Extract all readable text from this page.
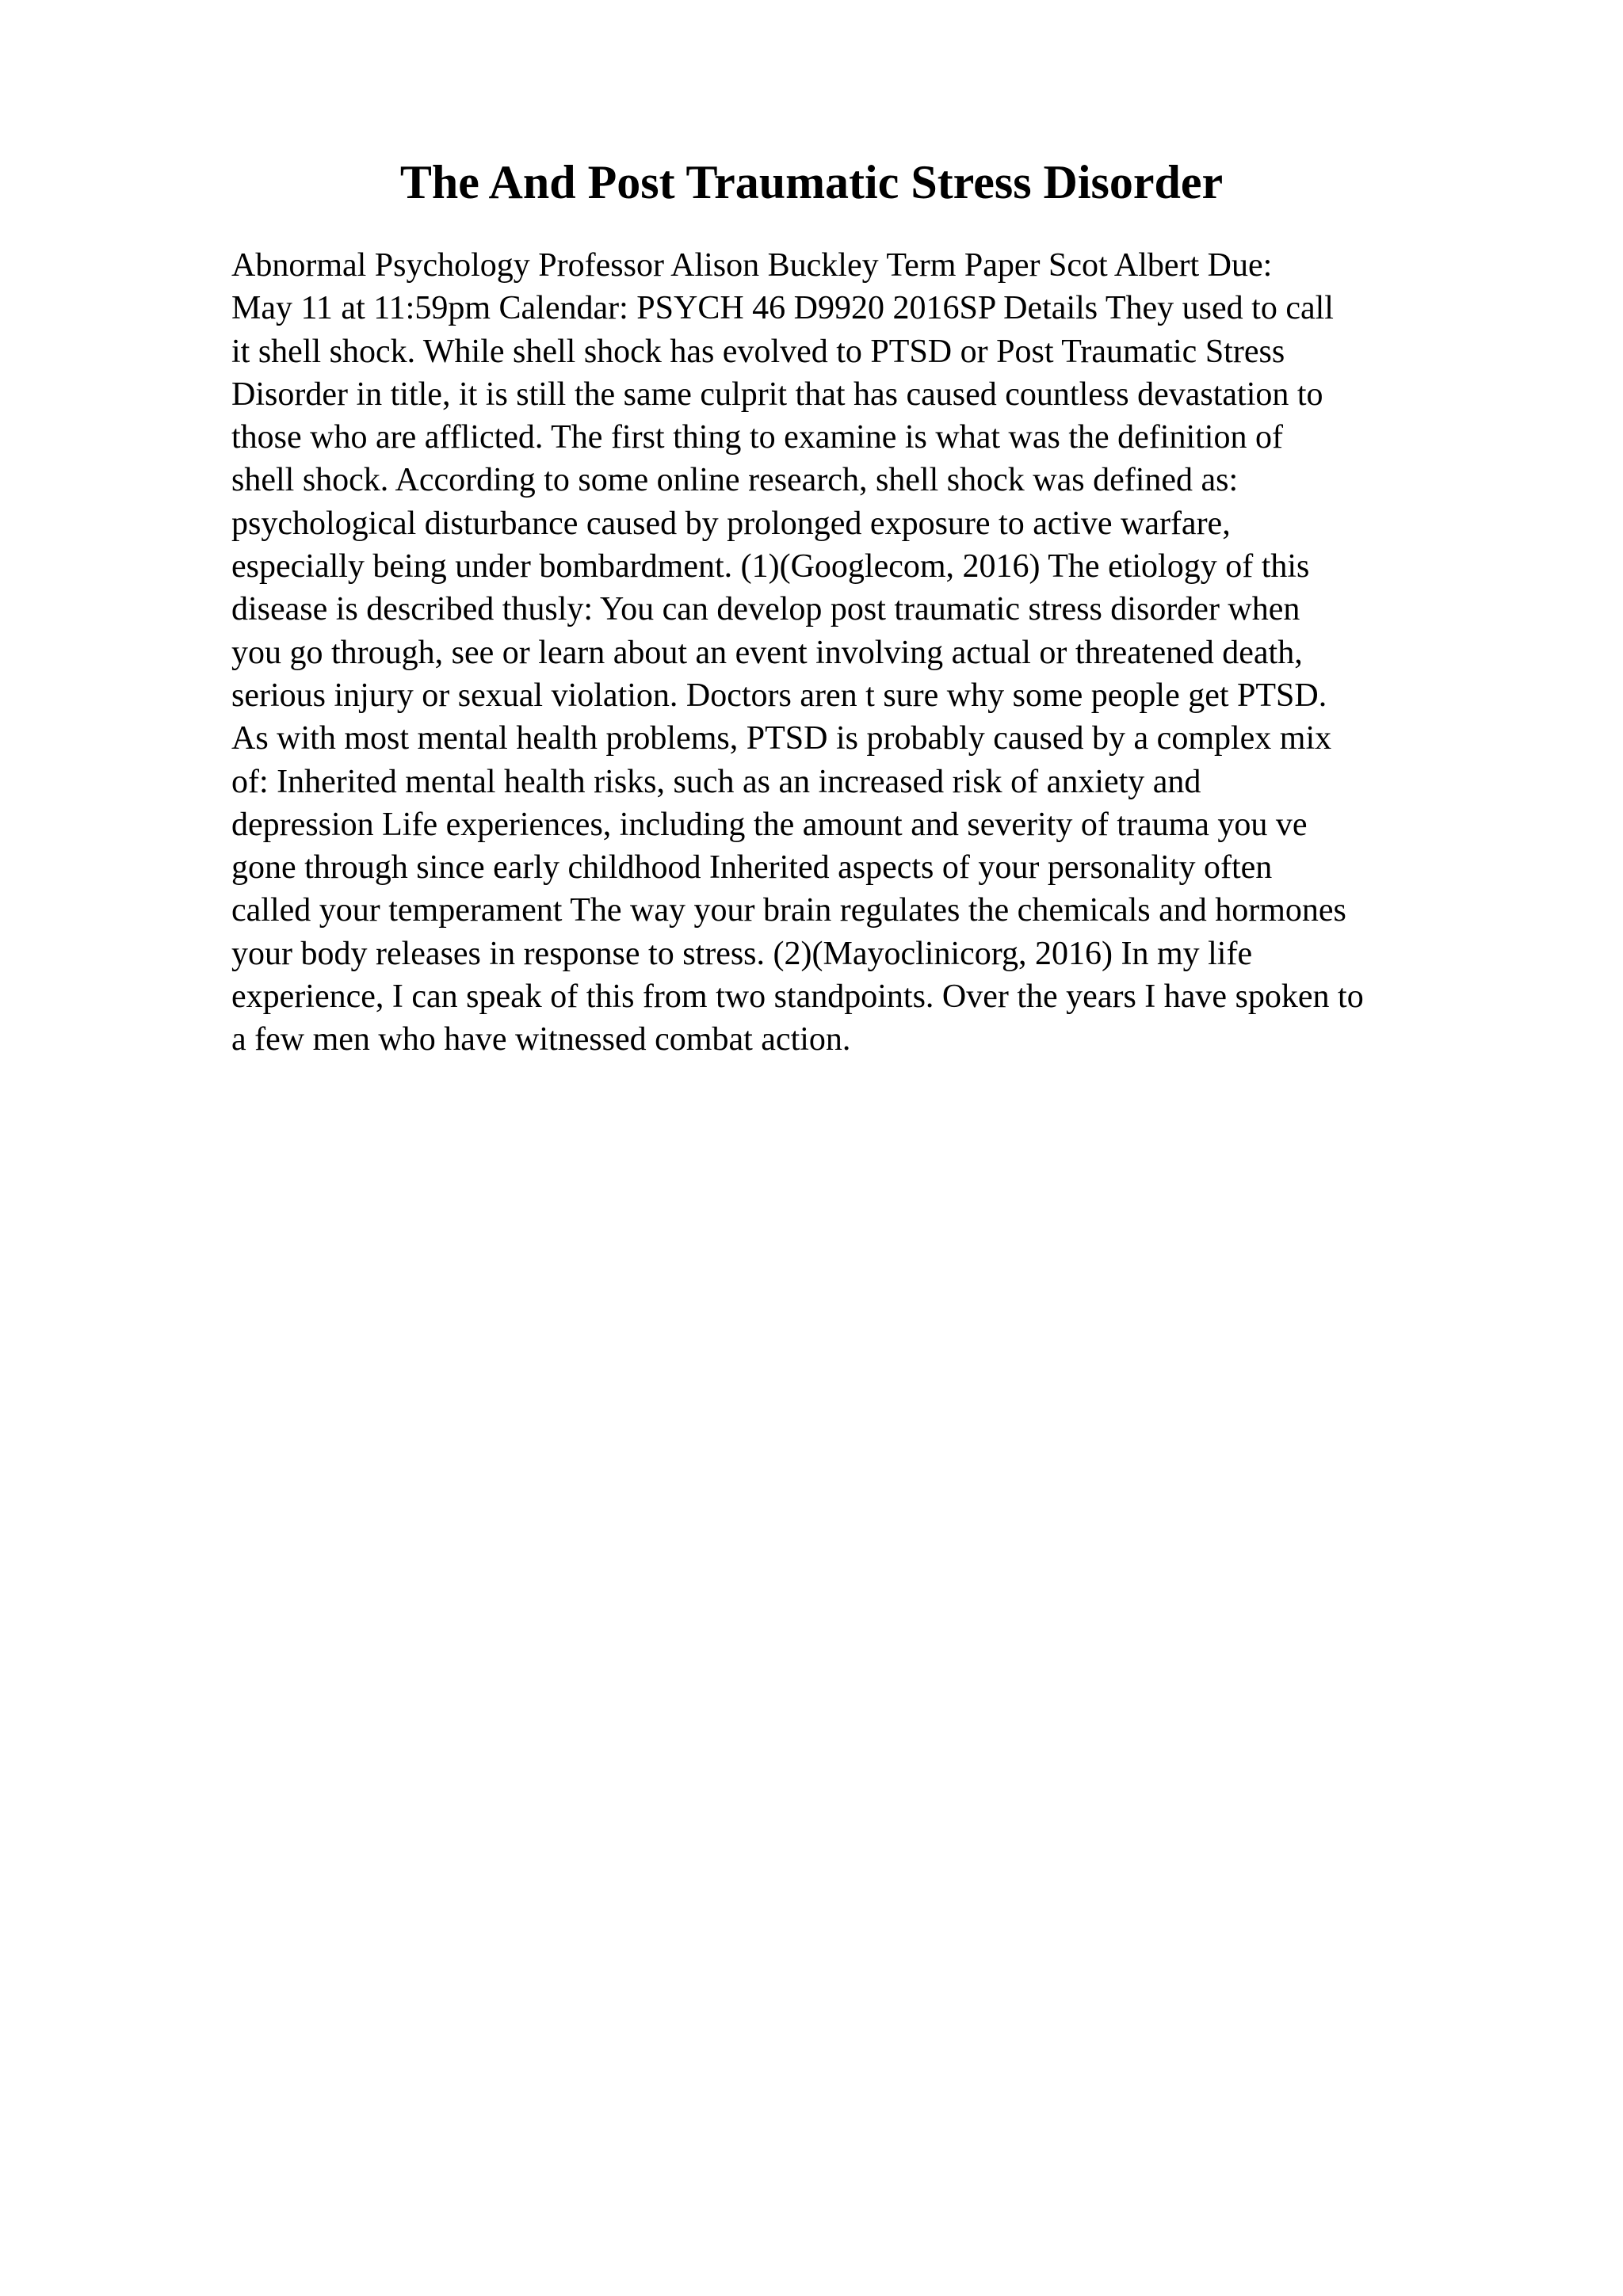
The And Post Traumatic Stress Disorder
Abnormal Psychology Professor Alison Buckley Term Paper Scot Albert Due:
May 11 at 11:59pm Calendar: PSYCH 46 D9920 2016SP Details They used to call
it shell shock. While shell shock has evolved to PTSD or Post Traumatic Stress
Disorder in title, it is still the same culprit that has caused countless devastation to
those who are afflicted. The first thing to examine is what was the definition of
shell shock. According to some online research, shell shock was defined as:
psychological disturbance caused by prolonged exposure to active warfare,
especially being under bombardment. (1)(Googlecom, 2016) The etiology of this
disease is described thusly: You can develop post traumatic stress disorder when
you go through, see or learn about an event involving actual or threatened death,
serious injury or sexual violation. Doctors aren t sure why some people get PTSD.
As with most mental health problems, PTSD is probably caused by a complex mix
of: Inherited mental health risks, such as an increased risk of anxiety and
depression Life experiences, including the amount and severity of trauma you ve
gone through since early childhood Inherited aspects of your personality often
called your temperament The way your brain regulates the chemicals and hormones
your body releases in response to stress. (2)(Mayoclinicorg, 2016) In my life
experience, I can speak of this from two standpoints. Over the years I have spoken to
a few men who have witnessed combat action.
